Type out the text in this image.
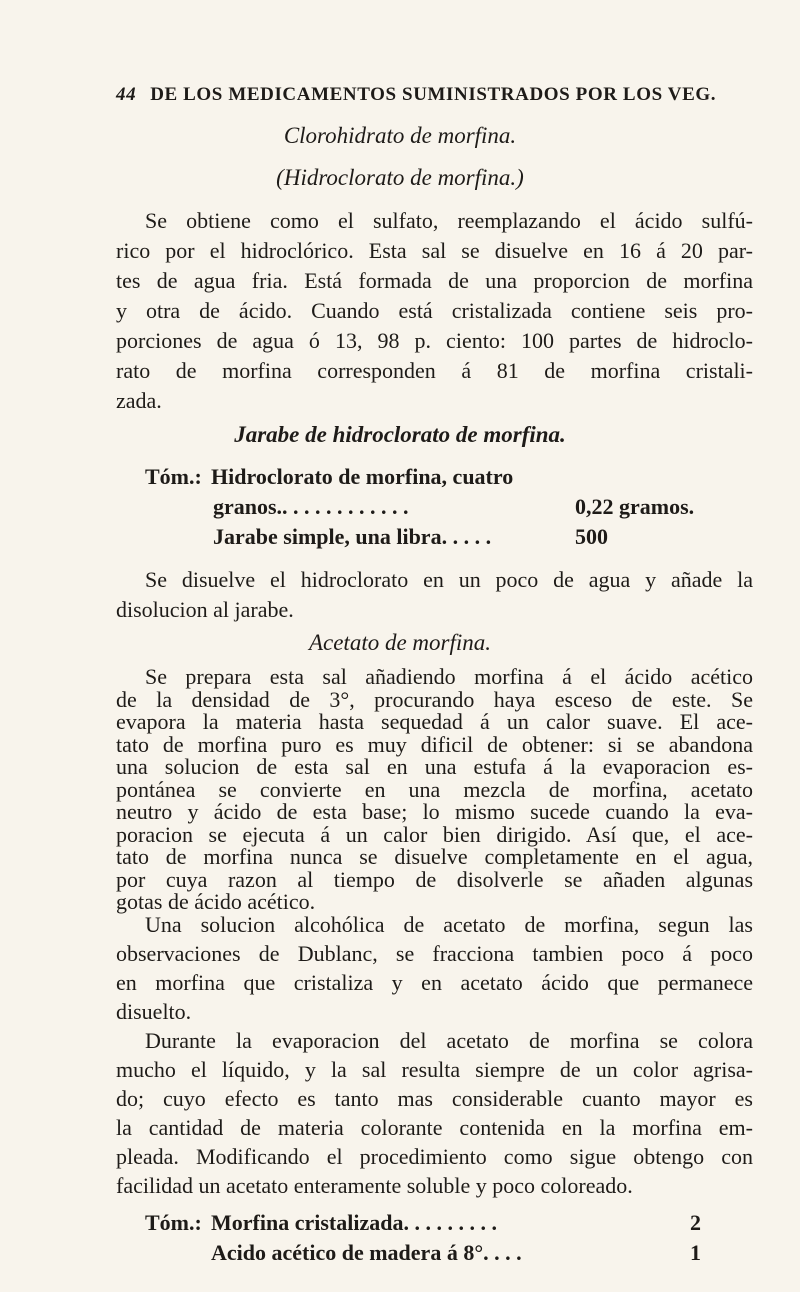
44 DE LOS MEDICAMENTOS SUMINISTRADOS POR LOS VEG.
Clorohidrato de morfina.
(Hidroclorato de morfina.)
Se obtiene como el sulfato, reemplazando el ácido sulfú-
rico por el hidroclórico. Esta sal se disuelve en 16 á 20 par-
tes de agua fria. Está formada de una proporcion de morfina
y otra de ácido. Cuando está cristalizada contiene seis pro-
porciones de agua ó 13, 98 p. ciento: 100 partes de hidroclo-
rato de morfina corresponden á 81 de morfina cristali-
zada.
Jarabe de hidroclorato de morfina.
Tóm.: Hidroclorato de morfina, cuatro
granos.. . . . . . . . . . . .	0,22 gramos.
Jarabe simple, una libra. . . . .	500
Se disuelve el hidroclorato en un poco de agua y añade la
disolucion al jarabe.
Acetato de morfina.
Se prepara esta sal añadiendo morfina á el ácido acético
de la densidad de 3°, procurando haya esceso de este. Se
evapora la materia hasta sequedad á un calor suave. El ace-
tato de morfina puro es muy dificil de obtener: si se abandona
una solucion de esta sal en una estufa á la evaporacion es-
pontánea se convierte en una mezcla de morfina, acetato
neutro y ácido de esta base; lo mismo sucede cuando la eva-
poracion se ejecuta á un calor bien dirigido. Así que, el ace-
tato de morfina nunca se disuelve completamente en el agua,
por cuya razon al tiempo de disolverle se añaden algunas
gotas de ácido acético.
Una solucion alcohólica de acetato de morfina, segun las
observaciones de Dublanc, se fracciona tambien poco á poco
en morfina que cristaliza y en acetato ácido que permanece
disuelto.
Durante la evaporacion del acetato de morfina se colora
mucho el líquido, y la sal resulta siempre de un color agrisa-
do; cuyo efecto es tanto mas considerable cuanto mayor es
la cantidad de materia colorante contenida en la morfina em-
pleada. Modificando el procedimiento como sigue obtengo con
facilidad un acetato enteramente soluble y poco coloreado.
Tóm.: Morfina cristalizada. . . . . . . . .	2
Acido acético de madera á 8°. . . .	1
